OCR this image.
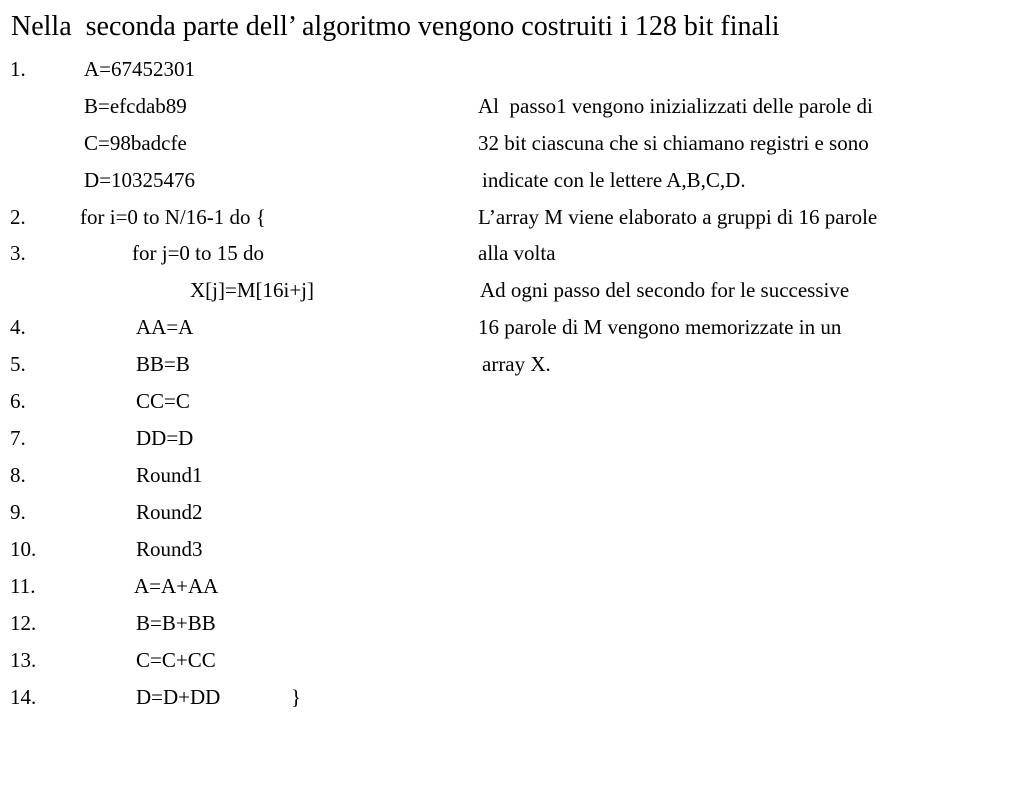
Nella  seconda parte dell’ algoritmo vengono costruiti i 128 bit finali

1.

	A=67452301

B=efcdab89

C=98badcfe

D=10325476

2.

	for i=0 to N/16-1 do {

3.

	for j=0 to 15 do

X[j]=M[16i+j]

4.

	AA=A

5.

	BB=B

6.

	CC=C

7.

	DD=D

8.

	Round1

9.

	Round2

10.

	Round3

11.

	A=A+AA

12.

	B=B+BB

13.

	C=C+CC

14.

	D=D+DD

	}

Al  passo1 vengono inizializzati delle parole di
32 bit ciascuna che si chiamano registri e sono
indicate con le lettere A,B,C,D.
L’array M viene elaborato a gruppi di 16 parole
alla volta
Ad ogni passo del secondo for le successive
16 parole di M vengono memorizzate in un
array X.
